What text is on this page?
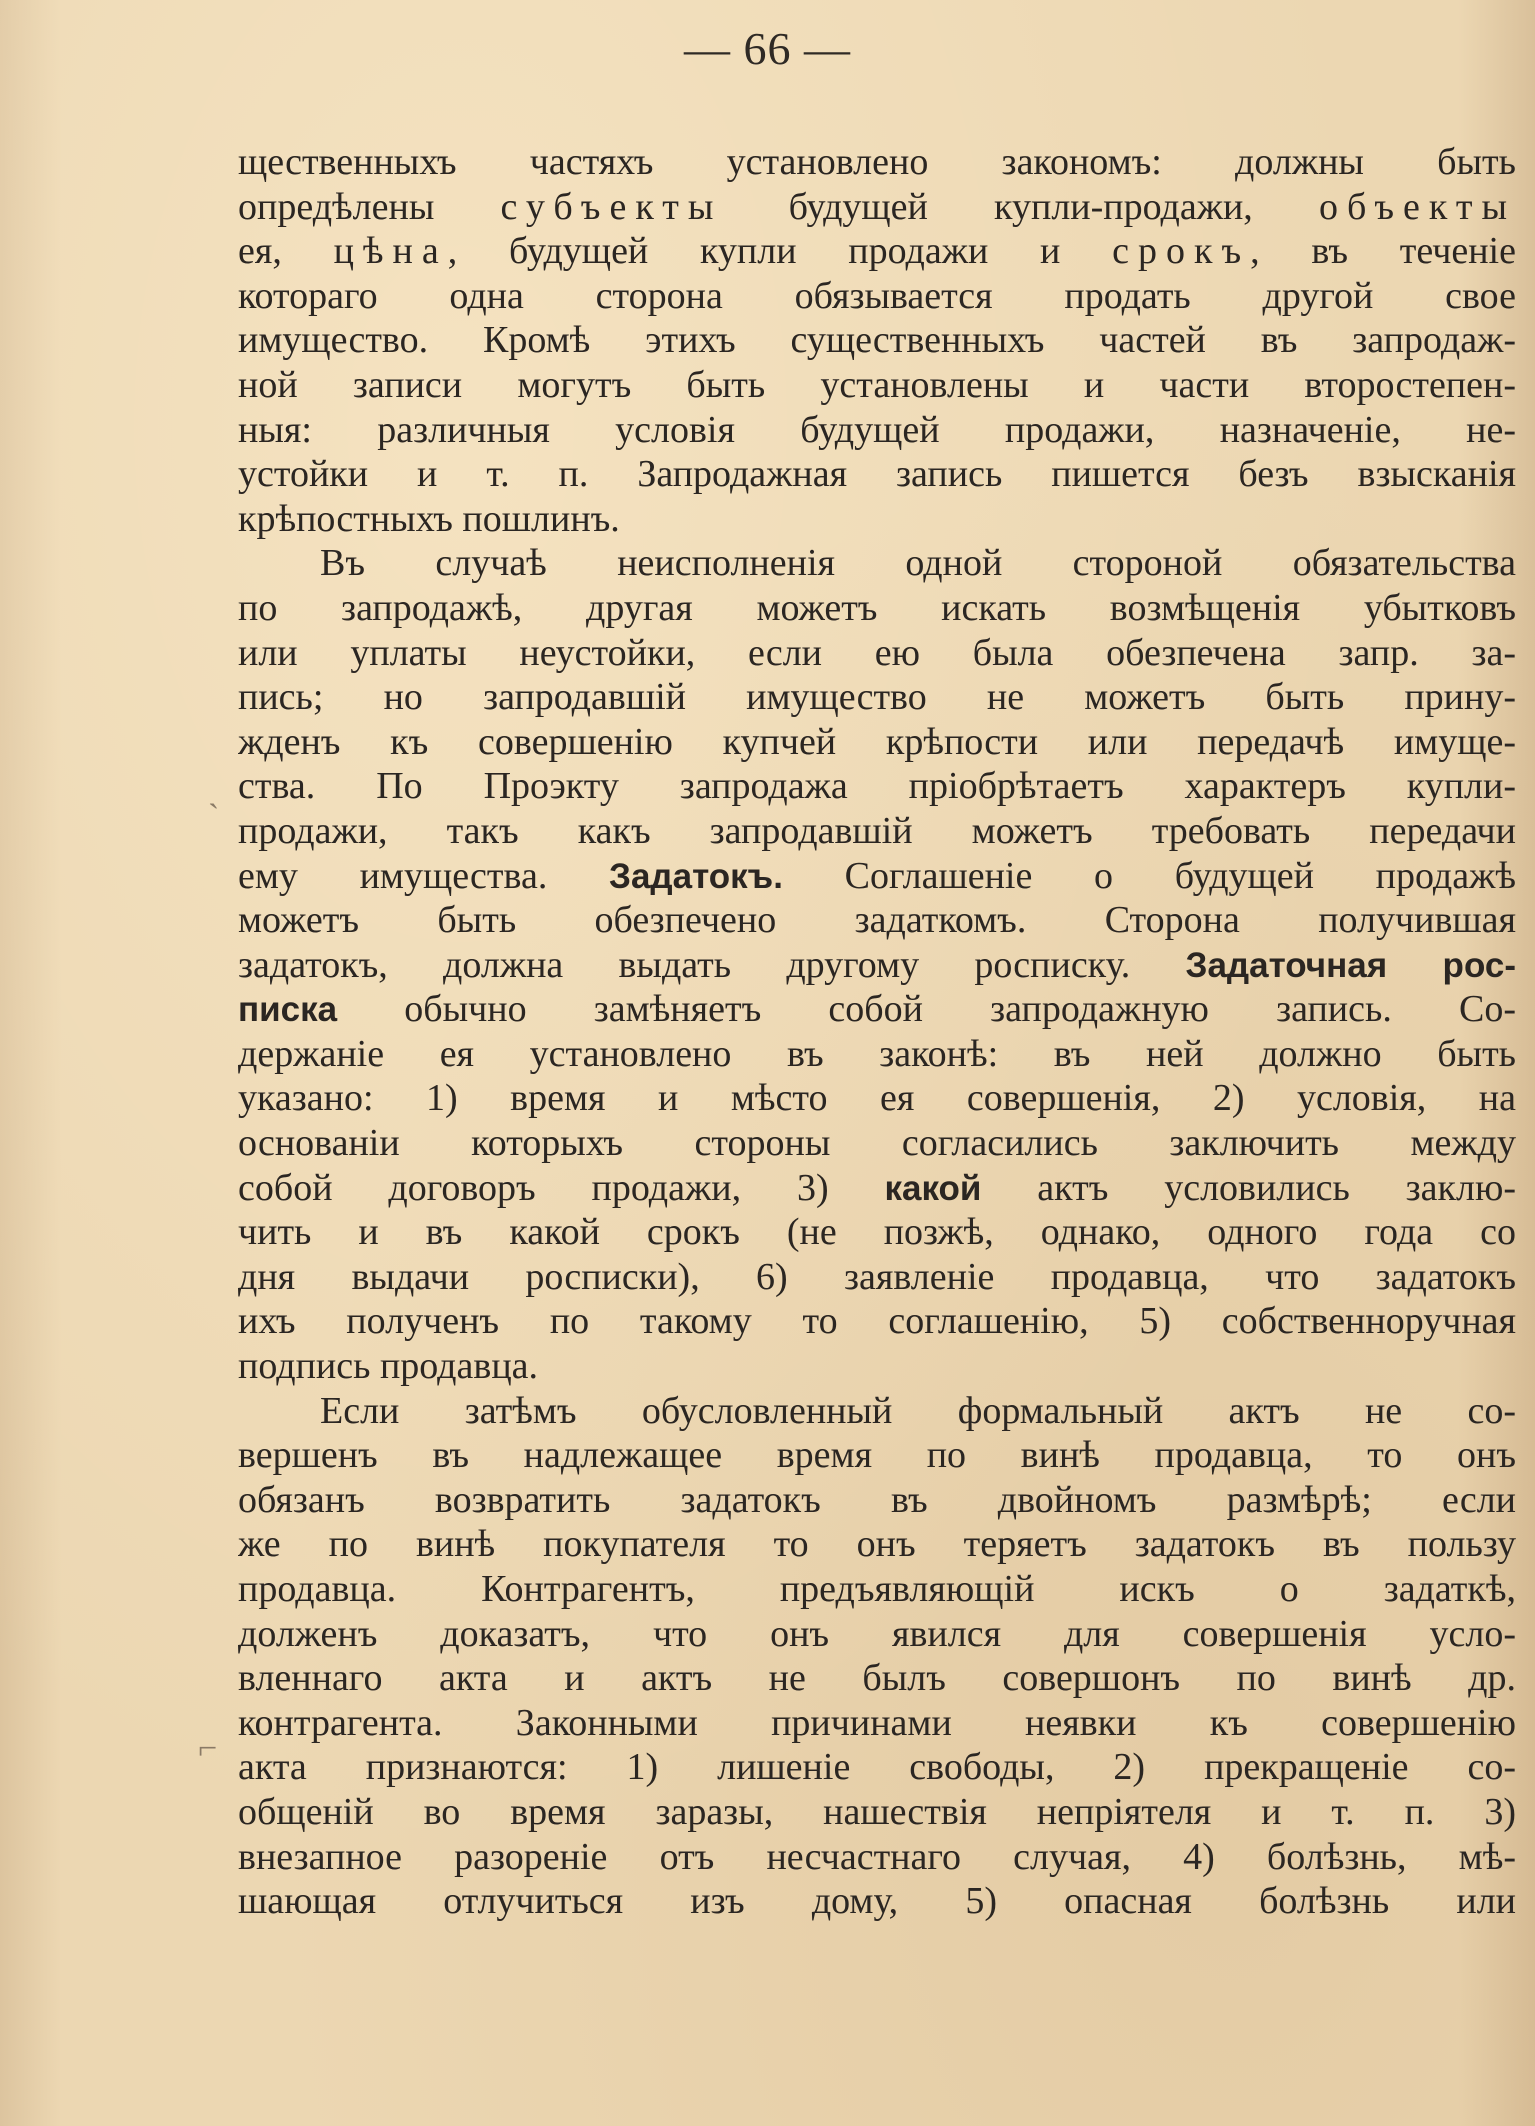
— 66 —
`
⌐
щественныхъ частяхъ установлено закономъ: должны быть
опредѣлены субъекты будущей купли-продажи, объекты
ея, цѣна, будущей купли продажи и срокъ, въ теченіе
котораго одна сторона обязывается продать другой свое
имущество. Кромѣ этихъ существенныхъ частей въ запродаж-
ной записи могутъ быть установлены и части второстепен-
ныя: различныя условія будущей продажи, назначеніе, не-
устойки и т. п. Запродажная запись пишется безъ взысканія
крѣпостныхъ пошлинъ.
Въ случаѣ неисполненія одной стороной обязательства
по запродажѣ, другая можетъ искать возмѣщенія убытковъ
или уплаты неустойки, если ею была обезпечена запр. за-
пись; но запродавшій имущество не можетъ быть прину-
жденъ къ совершенію купчей крѣпости или передачѣ имуще-
ства. По Проэкту запродажа пріобрѣтаетъ характеръ купли-
продажи, такъ какъ запродавшій можетъ требовать передачи
ему имущества. Задатокъ. Соглашеніе о будущей продажѣ
можетъ быть обезпечено задаткомъ. Сторона получившая
задатокъ, должна выдать другому росписку. Задаточная рос-
писка обычно замѣняетъ собой запродажную запись. Со-
держаніе ея установлено въ законѣ: въ ней должно быть
указано: 1) время и мѣсто ея совершенія, 2) условія, на
основаніи которыхъ стороны согласились заключить между
собой договоръ продажи, 3) какой актъ условились заклю-
чить и въ какой срокъ (не позжѣ, однако, одного года со
дня выдачи росписки), 6) заявленіе продавца, что задатокъ
ихъ полученъ по такому то соглашенію, 5) собственноручная
подпись продавца.
Если затѣмъ обусловленный формальный актъ не со-
вершенъ въ надлежащее время по винѣ продавца, то онъ
обязанъ возвратить задатокъ въ двойномъ размѣрѣ; если
же по винѣ покупателя то онъ теряетъ задатокъ въ пользу
продавца. Контрагентъ, предъявляющій искъ о задаткѣ,
долженъ доказатъ, что онъ явился для совершенія усло-
вленнаго акта и актъ не былъ совершонъ по винѣ др.
контрагента. Законными причинами неявки къ совершенію
акта признаются: 1) лишеніе свободы, 2) прекращеніе со-
общеній во время заразы, нашествія непріятеля и т. п. 3)
внезапное разореніе отъ несчастнаго случая, 4) болѣзнь, мѣ-
шающая отлучиться изъ дому, 5) опасная болѣзнь или
